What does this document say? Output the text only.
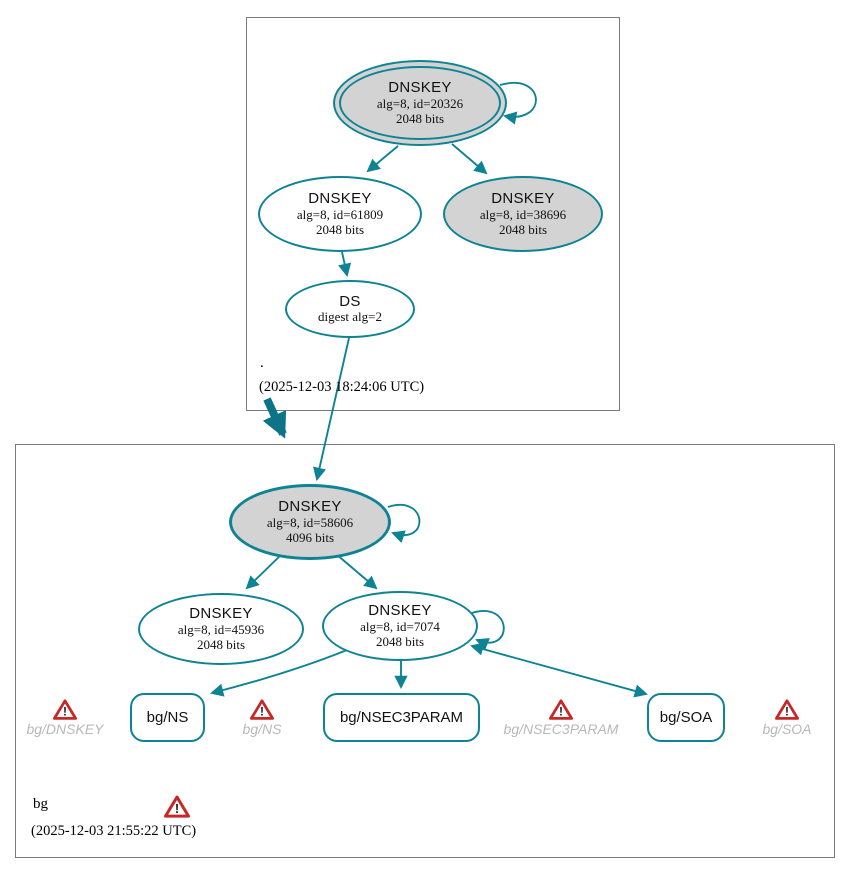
DNSKEY
alg=8, id=20326
2048 bits
DNSKEY
alg=8, id=61809
2048 bits
DNSKEY
alg=8, id=38696
2048 bits
DS
digest alg=2
.
(2025-12-03 18:24:06 UTC)
DNSKEY
alg=8, id=58606
4096 bits
DNSKEY
alg=8, id=45936
2048 bits
DNSKEY
alg=8, id=7074
2048 bits
bg/NS	bg/NSEC3PARAM	bg/SOA
!
bg/DNSKEY
!
bg/NS
!
bg/NSEC3PARAM
!
bg/SOA
bg	!
(2025-12-03 21:55:22 UTC)
